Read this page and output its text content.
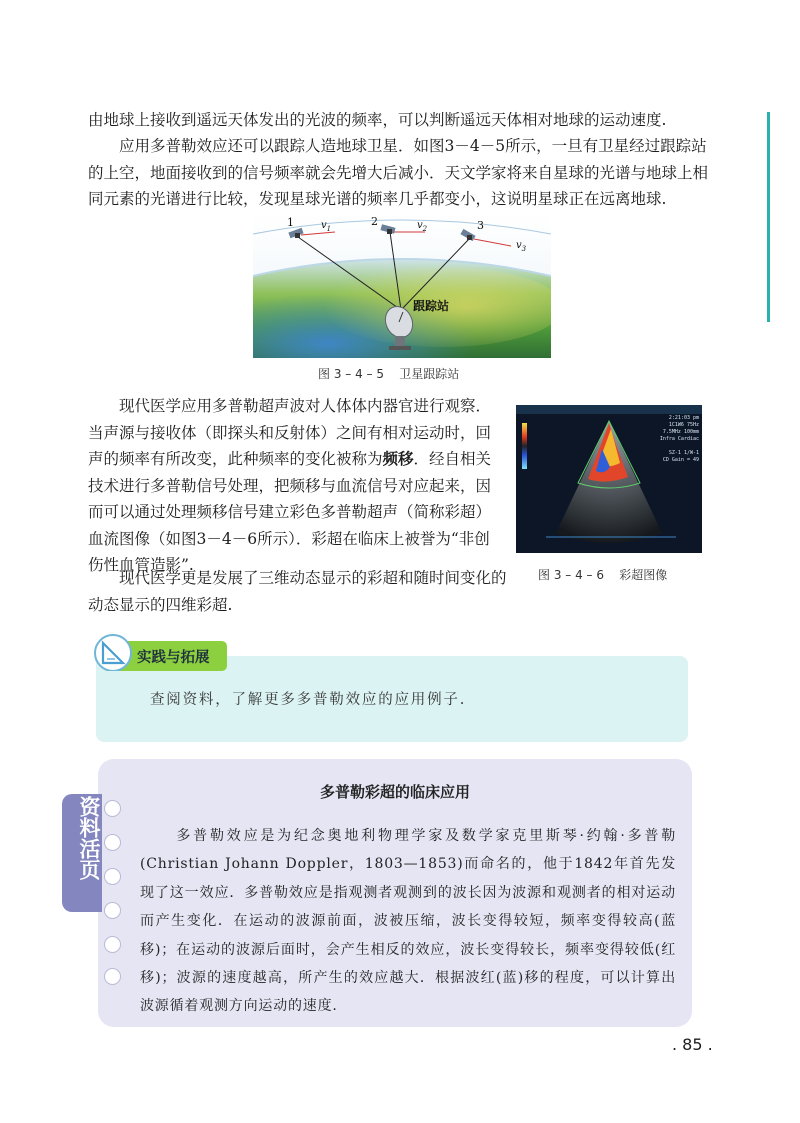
由地球上接收到遥远天体发出的光波的频率，可以判断遥远天体相对地球的运动速度.

应用多普勒效应还可以跟踪人造地球卫星．如图3－4－5所示，一旦有卫星经过跟踪站的上空，地面接收到的信号频率就会先增大后减小．天文学家将来自星球的光谱与地球上相同元素的光谱进行比较，发现星球光谱的频率几乎都变小，这说明星球正在远离地球.

1	2	3
$v_1$	$v_2$
$v_3$
跟踪站
图 3 – 4 – 5    卫星跟踪站

现代医学应用多普勒超声波对人体体内器官进行观察．当声源与接收体（即探头和反射体）之间有相对运动时，回声的频率有所改变，此种频率的变化被称为频移．经自相关技术进行多普勒信号处理，把频移与血流信号对应起来，因而可以通过处理频移信号建立彩色多普勒超声（简称彩超）血流图像（如图3－4－6所示）．彩超在临床上被誉为“非创伤性血管造影”.

2:21:03 pm
1C1W6 75Hz
7.5MHz 100mm
Infra Cardiac

SZ-1 1/W-1
CD Gain = 49
图 3 – 4 – 6    彩超图像

现代医学更是发展了三维动态显示的彩超和随时间变化的动态显示的四维彩超.

实践与拓展
查阅资料，了解更多多普勒效应的应用例子.
资料活页
多普勒彩超的临床应用

多普勒效应是为纪念奥地利物理学家及数学家克里斯琴·约翰·多普勒(Christian Johann Doppler，1803—1853)而命名的，他于1842年首先发现了这一效应．多普勒效应是指观测者观测到的波长因为波源和观测者的相对运动而产生变化．在运动的波源前面，波被压缩，波长变得较短，频率变得较高(蓝移)；在运动的波源后面时，会产生相反的效应，波长变得较长，频率变得较低(红移)；波源的速度越高，所产生的效应越大．根据波红(蓝)移的程度，可以计算出波源循着观测方向运动的速度.

. 85 .
